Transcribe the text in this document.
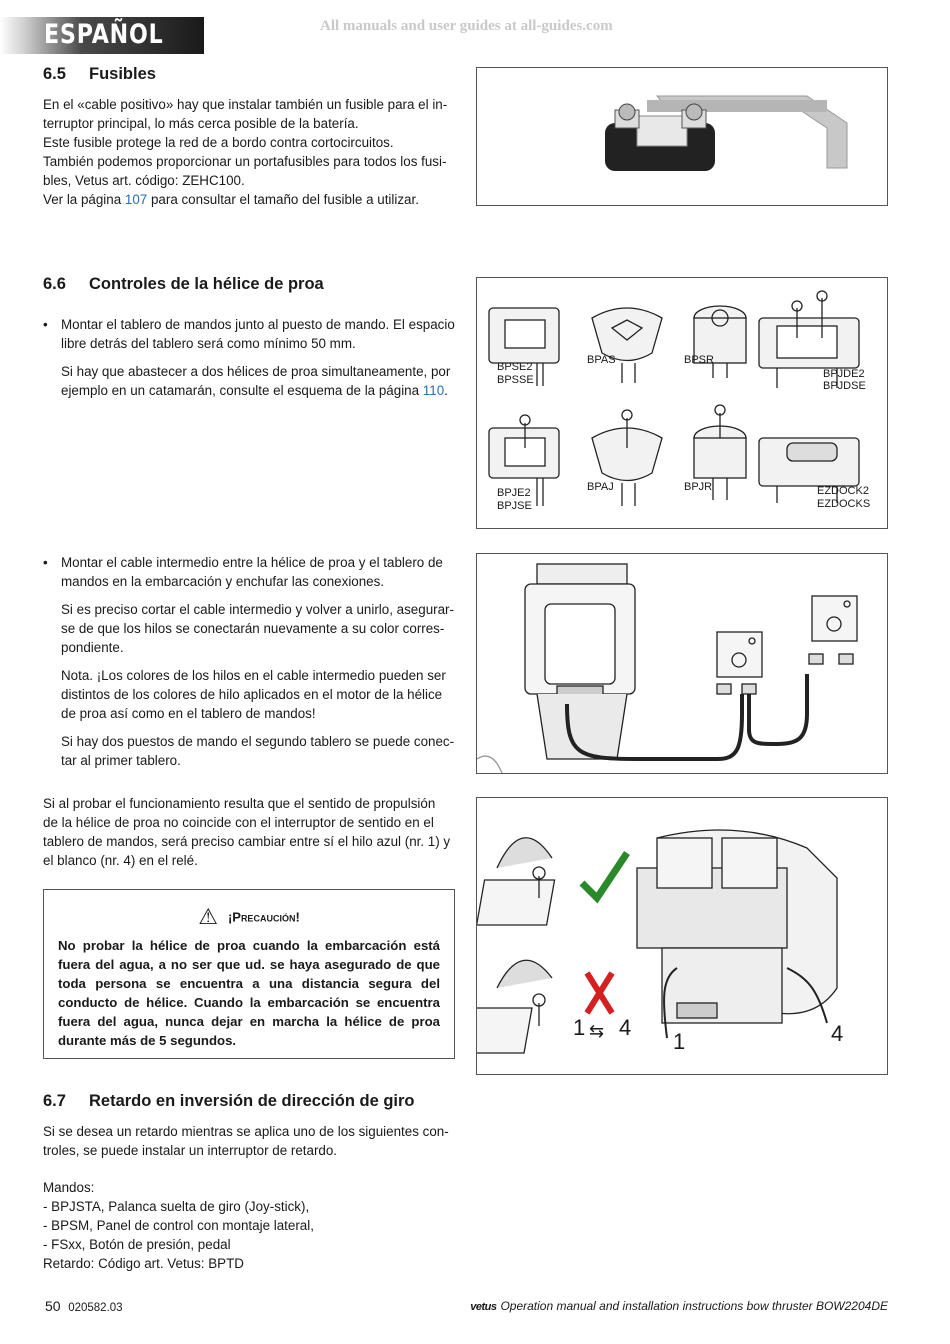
ESPAÑOL	All manuals and user guides at all-guides.com
6.5 Fusibles

En el «cable positivo» hay que instalar también un fusible para el in-

terruptor principal, lo más cerca posible de la batería.

Este fusible protege la red de a bordo contra cortocircuitos.

También podemos proporcionar un portafusibles para todos los fusi-

bles, Vetus art. código: ZEHC100.

Ver la página 107 para consultar el tamaño del fusible a utilizar.

6.6 Controles de la hélice de proa
• Montar el tablero de mandos junto al puesto de mando. El espacio
libre detrás del tablero será como mínimo 50 mm.
Si hay que abastecer a dos hélices de proa simultaneamente, por
ejemplo en un catamarán, consulte el esquema de la página 110.
BPSE2
BPSSE
BPAS	BPSR
BPJDE2
BPJDSE
BPJE2
BPJSE
BPAJ	BPJR	EZDOCK2
EZDOCKS
• Montar el cable intermedio entre la hélice de proa y el tablero de
mandos en la embarcación y enchufar las conexiones.
Si es preciso cortar el cable intermedio y volver a unirlo, asegurar-
se de que los hilos se conectarán nuevamente a su color corres-
pondiente.
Nota. ¡Los colores de los hilos en el cable intermedio pueden ser
distintos de los colores de hilo aplicados en el motor de la hélice
de proa así como en el tablero de mandos!
Si hay dos puestos de mando el segundo tablero se puede conec-
tar al primer tablero.

Si al probar el funcionamiento resulta que el sentido de propulsión

de la hélice de proa no coincide con el interruptor de sentido en el

tablero de mandos, será preciso cambiar entre sí el hilo azul (nr. 1) y

el blanco (nr. 4) en el relé.

1 ⇆ 4
1	4
⚠ ¡Precaución!
No probar la hélice de proa cuando la embarcación está fuera del agua, a no ser que ud. se haya asegurado de que toda persona se encuentra a una distancia segura del conducto de hélice. Cuando la embarcación se encuentra fuera del agua, nunca dejar en marcha la hélice de proa durante más de 5 segundos.
6.7 Retardo en inversión de dirección de giro

Si se desea un retardo mientras se aplica uno de los siguientes con-

troles, se puede instalar un interruptor de retardo.

Mandos:

- BPJSTA, Palanca suelta de giro (Joy-stick),

- BPSM, Panel de control con montaje lateral,

- FSxx, Botón de presión, pedal

Retardo: Código art. Vetus: BPTD

50 020582.03	vetus Operation manual and installation instructions bow thruster BOW2204DE
